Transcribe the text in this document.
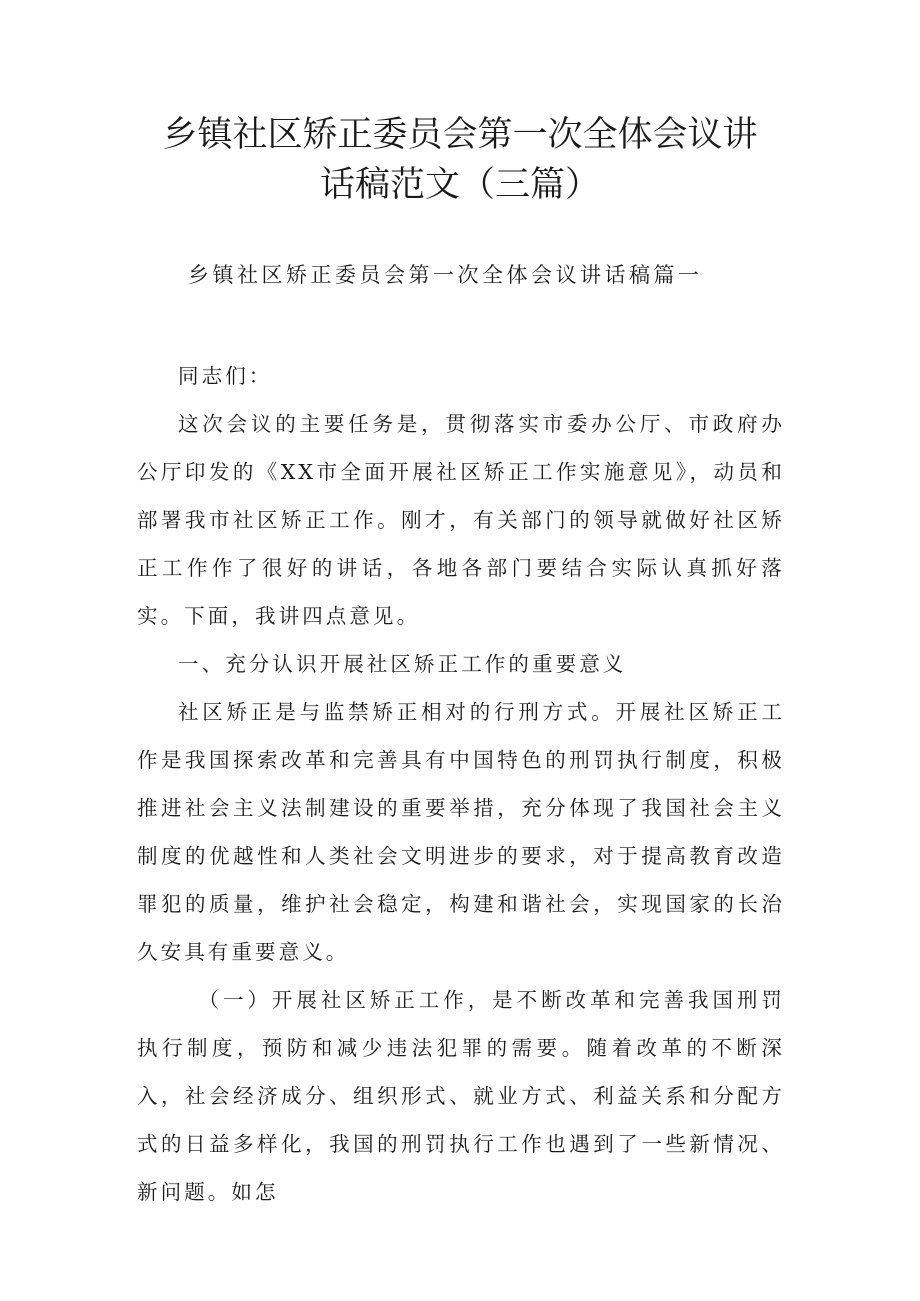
乡镇社区矫正委员会第一次全体会议讲
话稿范文（三篇）
乡镇社区矫正委员会第一次全体会议讲话稿篇一

同志们：

这次会议的主要任务是，贯彻落实市委办公厅、市政府办公厅印发的《XX市全面开展社区矫正工作实施意见》，动员和部署我市社区矫正工作。刚才，有关部门的领导就做好社区矫正工作作了很好的讲话，各地各部门要结合实际认真抓好落实。下面，我讲四点意见。

一、充分认识开展社区矫正工作的重要意义

社区矫正是与监禁矫正相对的行刑方式。开展社区矫正工作是我国探索改革和完善具有中国特色的刑罚执行制度，积极推进社会主义法制建设的重要举措，充分体现了我国社会主义制度的优越性和人类社会文明进步的要求，对于提高教育改造罪犯的质量，维护社会稳定，构建和谐社会，实现国家的长治久安具有重要意义。

（一）开展社区矫正工作，是不断改革和完善我国刑罚执行制度，预防和减少违法犯罪的需要。随着改革的不断深入，社会经济成分、组织形式、就业方式、利益关系和分配方式的日益多样化，我国的刑罚执行工作也遇到了一些新情况、新问题。如怎
